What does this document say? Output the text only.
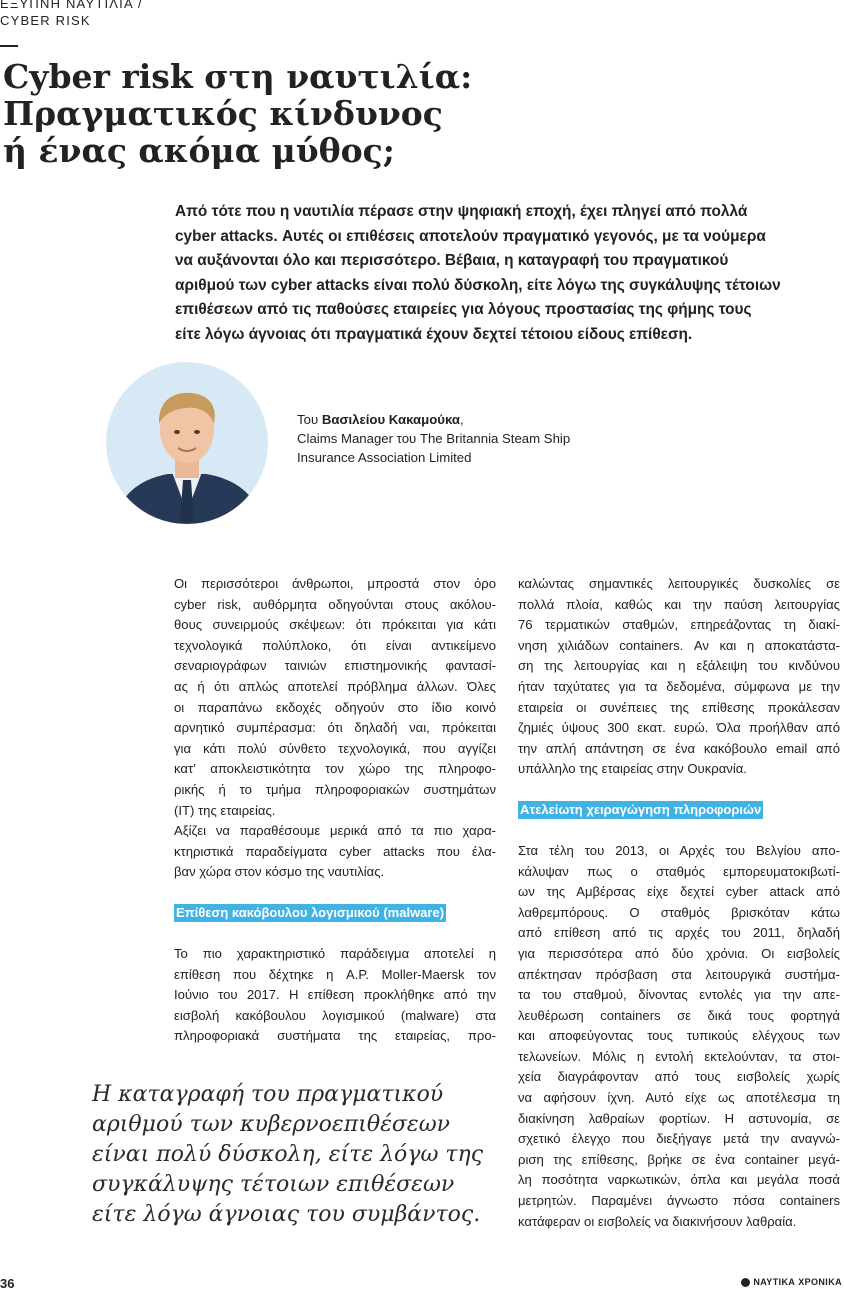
ΕΞΥΠΝΗ ΝΑΥΤΙΛΙΑ /
CYBER RISK
Cyber risk στη ναυτιλία:
Πραγματικός κίνδυνος
ή ένας ακόμα μύθος;
Από τότε που η ναυτιλία πέρασε στην ψηφιακή εποχή, έχει πληγεί από πολλά
cyber attacks. Αυτές οι επιθέσεις αποτελούν πραγματικό γεγονός, με τα νούμερα
να αυξάνονται όλο και περισσότερο. Βέβαια, η καταγραφή του πραγματικού
αριθμού των cyber attacks είναι πολύ δύσκολη, είτε λόγω της συγκάλυψης τέτοιων
επιθέσεων από τις παθούσες εταιρείες για λόγους προστασίας της φήμης τους
είτε λόγω άγνοιας ότι πραγματικά έχουν δεχτεί τέτοιου είδους επίθεση.
Του Βασιλείου Κακαμούκα,
Claims Manager του The Britannia Steam Ship
Insurance Association Limited
Οι περισσότεροι άνθρωποι, μπροστά στον όρο
cyber risk, αυθόρμητα οδηγούνται στους ακόλου-
θους συνειρμούς σκέψεων: ότι πρόκειται για κάτι
τεχνολογικά πολύπλοκο, ότι είναι αντικείμενο
σεναριογράφων ταινιών επιστημονικής φαντασί-
ας ή ότι απλώς αποτελεί πρόβλημα άλλων. Όλες
οι παραπάνω εκδοχές οδηγούν στο ίδιο κοινό
αρνητικό συμπέρασμα: ότι δηλαδή ναι, πρόκειται
για κάτι πολύ σύνθετο τεχνολογικά, που αγγίζει
κατ’ αποκλειστικότητα τον χώρο της πληροφο-
ρικής ή το τμήμα πληροφοριακών συστημάτων
(IT) της εταιρείας.
Αξίζει να παραθέσουμε μερικά από τα πιο χαρα-
κτηριστικά παραδείγματα cyber attacks που έλα-
βαν χώρα στον κόσμο της ναυτιλίας.
Επίθεση κακόβουλου λογισμικού (malware)
Το πιο χαρακτηριστικό παράδειγμα αποτελεί η
επίθεση που δέχτηκε η A.P. Moller-Maersk τον
Ιούνιο του 2017. Η επίθεση προκλήθηκε από την
εισβολή κακόβουλου λογισμικού (malware) στα
πληροφοριακά συστήματα της εταιρείας, προ-
καλώντας σημαντικές λειτουργικές δυσκολίες σε
πολλά πλοία, καθώς και την παύση λειτουργίας
76 τερματικών σταθμών, επηρεάζοντας τη διακί-
νηση χιλιάδων containers. Αν και η αποκατάστα-
ση της λειτουργίας και η εξάλειψη του κινδύνου
ήταν ταχύτατες για τα δεδομένα, σύμφωνα με την
εταιρεία οι συνέπειες της επίθεσης προκάλεσαν
ζημιές ύψους 300 εκατ. ευρώ. Όλα προήλθαν από
την απλή απάντηση σε ένα κακόβουλο email από
υπάλληλο της εταιρείας στην Ουκρανία.
Ατελείωτη χειραγώγηση πληροφοριών
Στα τέλη του 2013, οι Αρχές του Βελγίου απο-
κάλυψαν πως ο σταθμός εμπορευματοκιβωτί-
ων της Αμβέρσας είχε δεχτεί cyber attack από
λαθρεμπόρους. Ο σταθμός βρισκόταν κάτω
από επίθεση από τις αρχές του 2011, δηλαδή
για περισσότερα από δύο χρόνια. Οι εισβολείς
απέκτησαν πρόσβαση στα λειτουργικά συστήμα-
τα του σταθμού, δίνοντας εντολές για την απε-
λευθέρωση containers σε δικά τους φορτηγά
και αποφεύγοντας τους τυπικούς ελέγχους των
τελωνείων. Μόλις η εντολή εκτελούνταν, τα στοι-
χεία διαγράφονταν από τους εισβολείς χωρίς
να αφήσουν ίχνη. Αυτό είχε ως αποτέλεσμα τη
διακίνηση λαθραίων φορτίων. Η αστυνομία, σε
σχετικό έλεγχο που διεξήγαγε μετά την αναγνώ-
ριση της επίθεσης, βρήκε σε ένα container μεγά-
λη ποσότητα ναρκωτικών, όπλα και μεγάλα ποσά
μετρητών. Παραμένει άγνωστο πόσα containers
κατάφεραν οι εισβολείς να διακινήσουν λαθραία.
Η καταγραφή του πραγματικού
αριθμού των κυβερνοεπιθέσεων
είναι πολύ δύσκολη, είτε λόγω της
συγκάλυψης τέτοιων επιθέσεων
είτε λόγω άγνοιας του συμβάντος.
36	ΝΑΥΤΙΚΑ ΧΡΟΝΙΚΑ
